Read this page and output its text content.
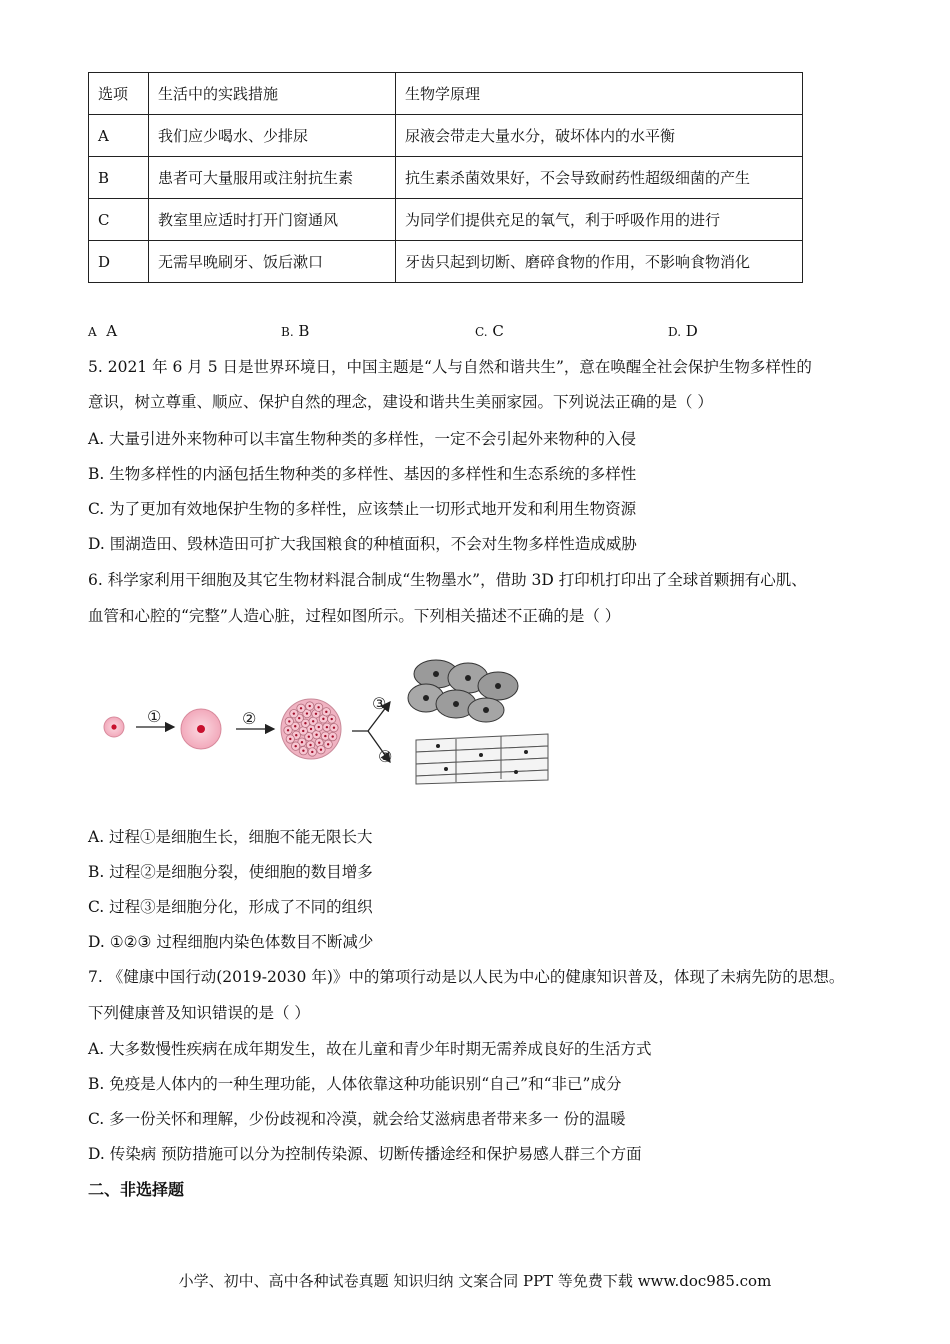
选项	生活中的实践措施	生物学原理
A	我们应少喝水、少排尿	尿液会带走大量水分，破坏体内的水平衡
B	患者可大量服用或注射抗生素	抗生素杀菌效果好，不会导致耐药性超级细菌的产生
C	教室里应适时打开门窗通风	为同学们提供充足的氧气，利于呼吸作用的进行
D	无需早晚刷牙、饭后漱口	牙齿只起到切断、磨碎食物的作用，不影响食物消化
A A	B. B	C. C	D. D
5. 2021 年 6 月 5 日是世界环境日，中国主题是“人与自然和谐共生”，意在唤醒全社会保护生物多样性的
意识，树立尊重、顺应、保护自然的理念，建设和谐共生美丽家园。下列说法正确的是（ ）
A. 大量引进外来物种可以丰富生物种类的多样性，一定不会引起外来物种的入侵
B. 生物多样性的内涵包括生物种类的多样性、基因的多样性和生态系统的多样性
C. 为了更加有效地保护生物的多样性，应该禁止一切形式地开发和利用生物资源
D. 围湖造田、毁林造田可扩大我国粮食的种植面积，不会对生物多样性造成威胁
6. 科学家利用干细胞及其它生物材料混合制成“生物墨水”，借助 3D 打印机打印出了全球首颗拥有心肌、
血管和心腔的“完整”人造心脏，过程如图所示。下列相关描述不正确的是（ ）
①	②
③
③
A. 过程①是细胞生长，细胞不能无限长大
B. 过程②是细胞分裂，使细胞的数目增多
C. 过程③是细胞分化，形成了不同的组织
D. ①②③ 过程细胞内染色体数目不断减少
7. 《健康中国行动(2019-2030 年)》中的第项行动是以人民为中心的健康知识普及，体现了未病先防的思想。
下列健康普及知识错误的是（ ）
A. 大多数慢性疾病在成年期发生，故在儿童和青少年时期无需养成良好的生活方式
B. 免疫是人体内的一种生理功能，人体依靠这种功能识别“自己”和“非已”成分
C. 多一份关怀和理解，少份歧视和冷漠，就会给艾滋病患者带来多一 份的温暖
D. 传染病 预防措施可以分为控制传染源、切断传播途经和保护易感人群三个方面
二、非选择题
小学、初中、高中各种试卷真题 知识归纳 文案合同 PPT 等免费下载 www.doc985.com
